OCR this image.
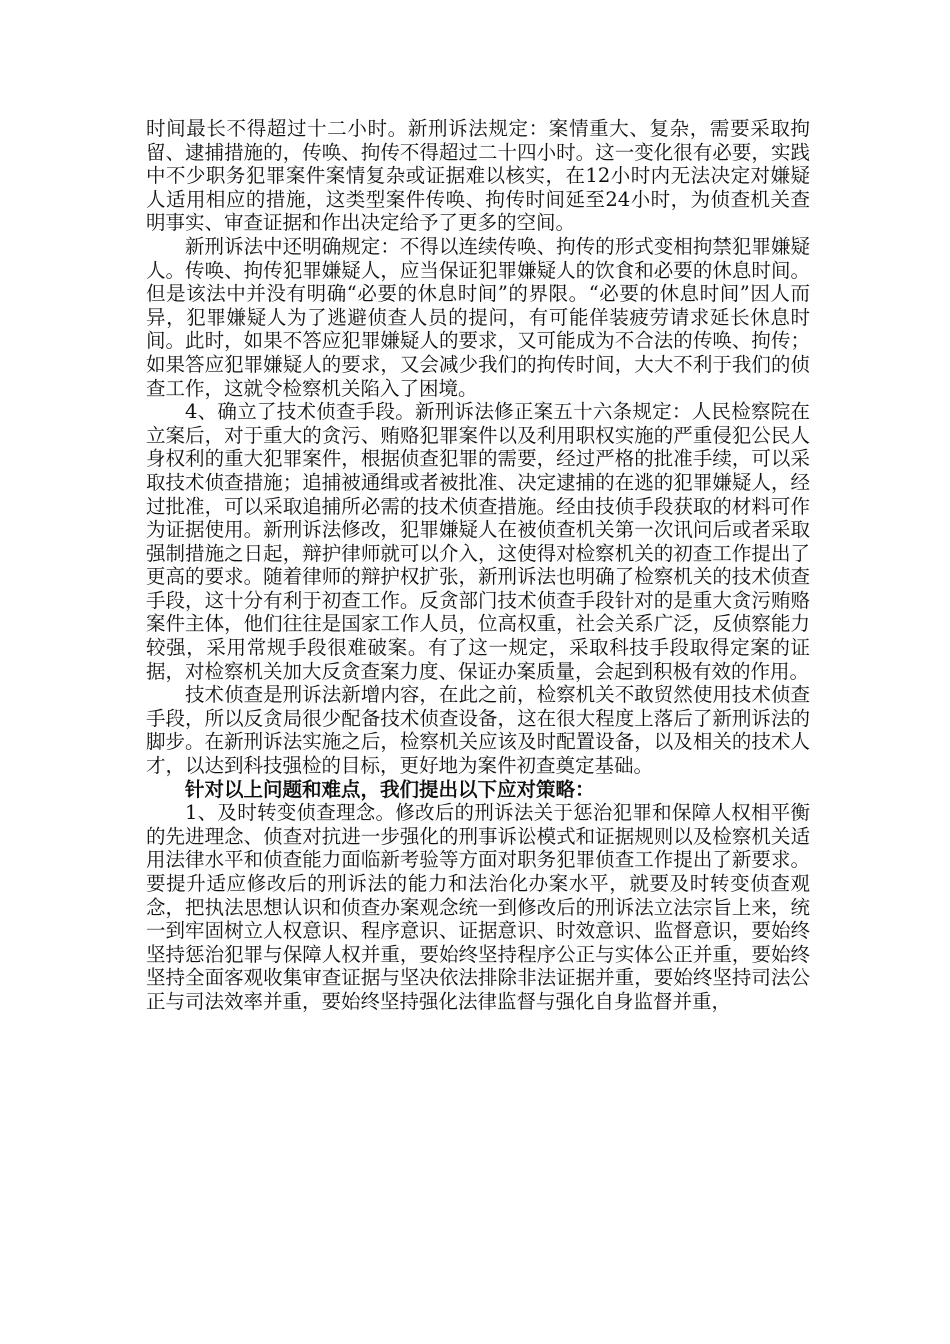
时间最长不得超过十二小时。新刑诉法规定：案情重大、复杂，需要采取拘留、逮捕措施的，传唤、拘传不得超过二十四小时。这一变化很有必要，实践中不少职务犯罪案件案情复杂或证据难以核实，在12小时内无法决定对嫌疑人适用相应的措施，这类型案件传唤、拘传时间延至24小时，为侦查机关查明事实、审查证据和作出决定给予了更多的空间。

新刑诉法中还明确规定：不得以连续传唤、拘传的形式变相拘禁犯罪嫌疑人。传唤、拘传犯罪嫌疑人，应当保证犯罪嫌疑人的饮食和必要的休息时间。  但是该法中并没有明确“必要的休息时间”的界限。“必要的休息时间”因人而异，犯罪嫌疑人为了逃避侦查人员的提问，有可能佯装疲劳请求延长休息时间。此时，如果不答应犯罪嫌疑人的要求，又可能成为不合法的传唤、拘传；如果答应犯罪嫌疑人的要求，又会减少我们的拘传时间，大大不利于我们的侦查工作，这就令检察机关陷入了困境。

4、确立了技术侦查手段。新刑诉法修正案五十六条规定：人民检察院在立案后，对于重大的贪污、贿赂犯罪案件以及利用职权实施的严重侵犯公民人身权利的重大犯罪案件，根据侦查犯罪的需要，经过严格的批准手续，可以采取技术侦查措施；追捕被通缉或者被批准、决定逮捕的在逃的犯罪嫌疑人，经过批准，可以采取追捕所必需的技术侦查措施。经由技侦手段获取的材料可作为证据使用。新刑诉法修改，犯罪嫌疑人在被侦查机关第一次讯问后或者采取强制措施之日起，辩护律师就可以介入，这使得对检察机关的初查工作提出了更高的要求。随着律师的辩护权扩张，新刑诉法也明确了检察机关的技术侦查手段，这十分有利于初查工作。反贪部门技术侦查手段针对的是重大贪污贿赂案件主体，他们往往是国家工作人员，位高权重，社会关系广泛，反侦察能力较强，采用常规手段很难破案。有了这一规定，采取科技手段取得定案的证据，对检察机关加大反贪查案力度、保证办案质量，会起到积极有效的作用。

技术侦查是刑诉法新增内容，在此之前，检察机关不敢贸然使用技术侦查手段，所以反贪局很少配备技术侦查设备，这在很大程度上落后了新刑诉法的脚步。在新刑诉法实施之后，检察机关应该及时配置设备，以及相关的技术人才，以达到科技强检的目标，更好地为案件初查奠定基础。

针对以上问题和难点，我们提出以下应对策略：

1、及时转变侦查理念。修改后的刑诉法关于惩治犯罪和保障人权相平衡的先进理念、侦查对抗进一步强化的刑事诉讼模式和证据规则以及检察机关适用法律水平和侦查能力面临新考验等方面对职务犯罪侦查工作提出了新要求。要提升适应修改后的刑诉法的能力和法治化办案水平，就要及时转变侦查观念，把执法思想认识和侦查办案观念统一到修改后的刑诉法立法宗旨上来，统一到牢固树立人权意识、程序意识、证据意识、时效意识、监督意识，要始终坚持惩治犯罪与保障人权并重，要始终坚持程序公正与实体公正并重，要始终坚持全面客观收集审查证据与坚决依法排除非法证据并重，要始终坚持司法公正与司法效率并重，要始终坚持强化法律监督与强化自身监督并重，
